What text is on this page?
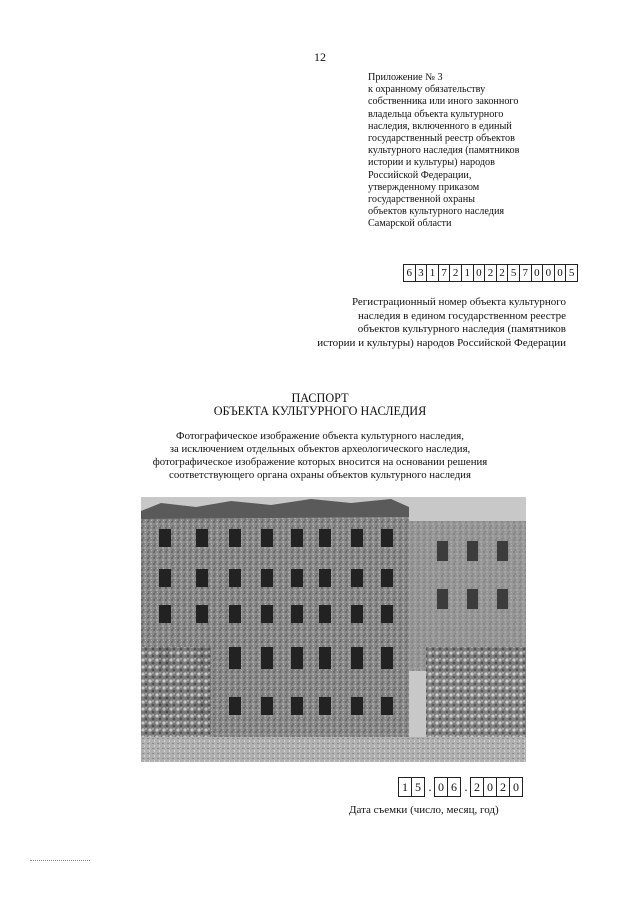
12
Приложение № 3
к охранному обязательству
собственника или иного законного
владельца объекта культурного
наследия, включенного в единый
государственный реестр объектов
культурного наследия (памятников
истории и культуры) народов
Российской Федерации,
утвержденному приказом
государственной охраны
объектов культурного наследия
Самарской области
6 3 1 7 2 1 0 2 2 5 7 0 0 0 5
Регистрационный номер объекта культурного
наследия в едином государственном реестре
объектов культурного наследия (памятников
истории и культуры) народов Российской Федерации
ПАСПОРТ
ОБЪЕКТА КУЛЬТУРНОГО НАСЛЕДИЯ
Фотографическое изображение объекта культурного наследия,
за исключением отдельных объектов археологического наследия,
фотографическое изображение которых вносится на основании решения
соответствующего органа охраны объектов культурного наследия
1 5 . 0 6 . 2 0 2 0
Дата съемки (число, месяц, год)
